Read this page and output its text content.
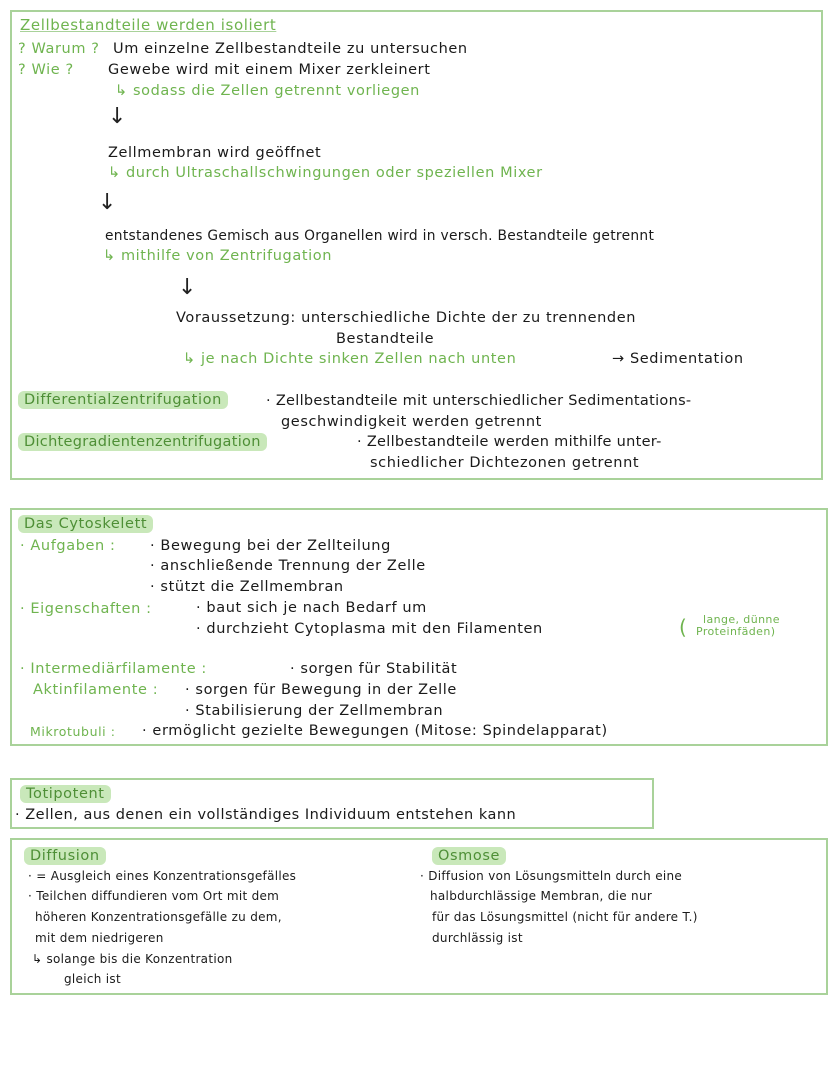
Zellbestandteile werden isoliert
? Warum ? Um einzelne Zellbestandteile zu untersuchen
? Wie ? Gewebe wird mit einem Mixer zerkleinert
↳ sodass die Zellen getrennt vorliegen
↓
Zellmembran wird geöffnet
↳ durch Ultraschallschwingungen oder speziellen Mixer
↓
entstandenes Gemisch aus Organellen wird in versch. Bestandteile getrennt
↳ mithilfe von Zentrifugation
↓
Voraussetzung: unterschiedliche Dichte der zu trennenden
Bestandteile
↳ je nach Dichte sinken Zellen nach unten	→ Sedimentation
Differentialzentrifugation	· Zellbestandteile mit unterschiedlicher Sedimentations-
geschwindigkeit werden getrennt
Dichtegradientenzentrifugation	· Zellbestandteile werden mithilfe unter-
schiedlicher Dichtezonen getrennt
Das Cytoskelett
· Aufgaben : · Bewegung bei der Zellteilung
· anschließende Trennung der Zelle
· stützt die Zellmembran
· Eigenschaften :	· baut sich je nach Bedarf um
· durchzieht Cytoplasma mit den Filamenten	( lange, dünne
Proteinfäden)
· Intermediärfilamente :	· sorgen für Stabilität
Aktinfilamente : · sorgen für Bewegung in der Zelle
· Stabilisierung der Zellmembran
Mikrotubuli : · ermöglicht gezielte Bewegungen (Mitose: Spindelapparat)
Totipotent
· Zellen, aus denen ein vollständiges Individuum entstehen kann
Diffusion
· = Ausgleich eines Konzentrationsgefälles
· Teilchen diffundieren vom Ort mit dem
höheren Konzentrationsgefälle zu dem,
mit dem niedrigeren
↳ solange bis die Konzentration
gleich ist
Osmose
· Diffusion von Lösungsmitteln durch eine
halbdurchlässige Membran, die nur
für das Lösungsmittel (nicht für andere T.)
durchlässig ist
